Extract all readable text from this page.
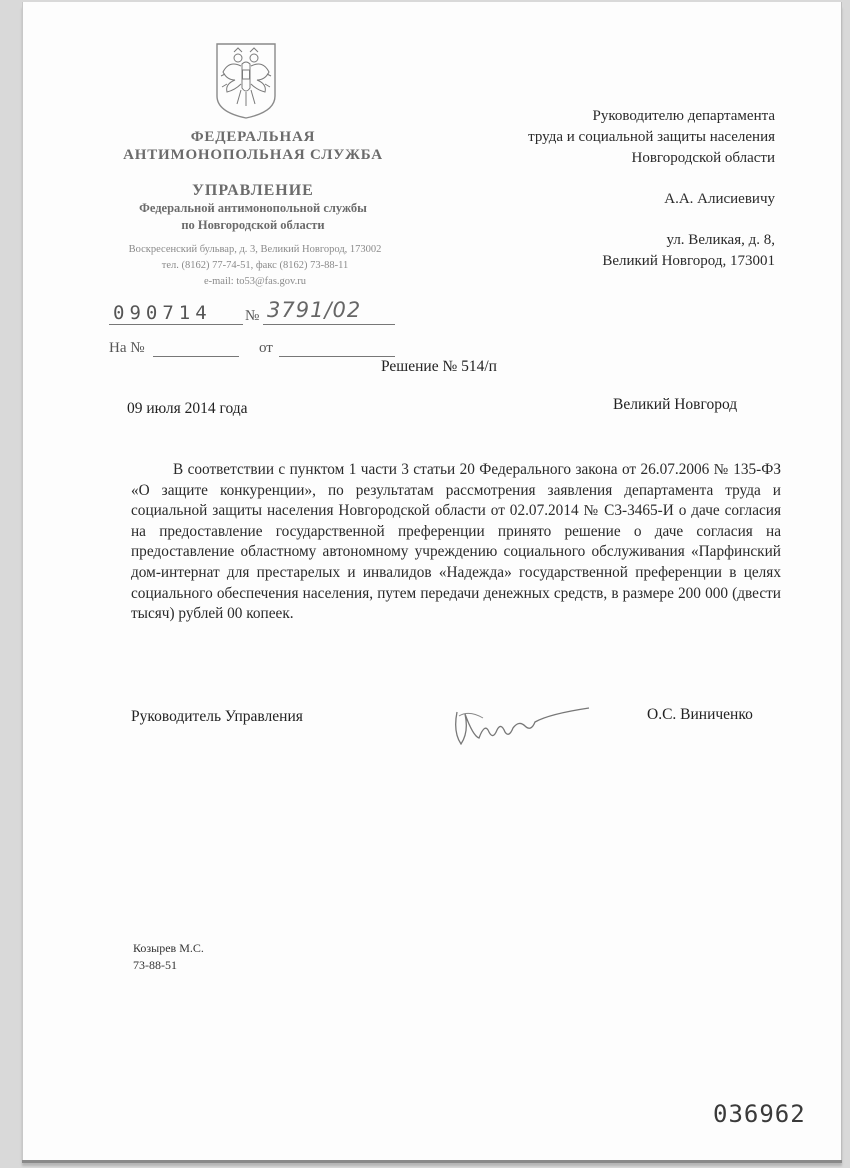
ФЕДЕРАЛЬНАЯ
АНТИМОНОПОЛЬНАЯ СЛУЖБА
УПРАВЛЕНИЕ
Федеральной антимонопольной службы
по Новгородской области
Воскресенский бульвар, д. 3, Великий Новгород, 173002
тел. (8162) 77-74-51, факс (8162) 73-88-11
e-mail: to53@fas.gov.ru
090714 № 3791/02
На №	от
Руководителю департамента
труда и социальной защиты населения
Новгородской области
А.А. Алисиевичу
ул. Великая, д. 8,
Великий Новгород, 173001
Решение № 514/п
09 июля 2014 года	Великий Новгород
В соответствии с пунктом 1 части 3 статьи 20 Федерального закона от 26.07.2006 № 135-ФЗ «О защите конкуренции», по результатам рассмотрения заявления департамента труда и социальной защиты населения Новгородской области от 02.07.2014 № С3-3465-И о даче согласия на предоставление государственной преференции принято решение о даче согласия на предоставление областному автономному учреждению социального обслуживания «Парфинский дом-интернат для престарелых и инвалидов «Надежда» государственной преференции в целях социального обеспечения населения, путем передачи денежных средств, в размере 200 000 (двести тысяч) рублей 00 копеек.
Руководитель Управления	О.С. Виниченко
Козырев М.С.
73-88-51
036962
